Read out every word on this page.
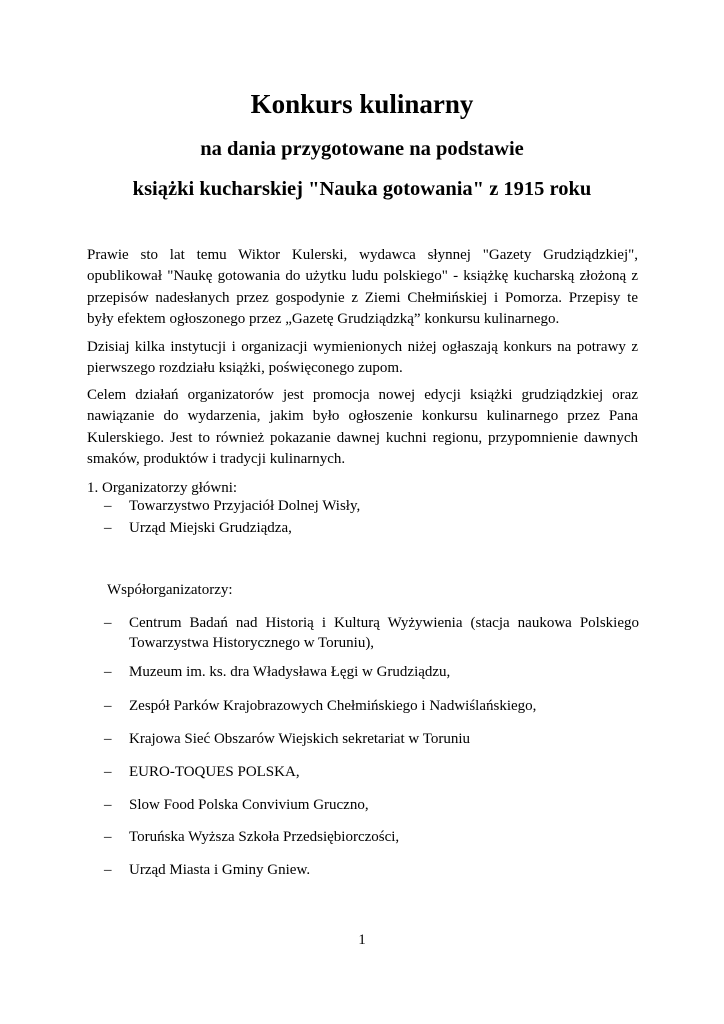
Konkurs kulinarny
na dania przygotowane na podstawie
książki kucharskiej "Nauka gotowania" z 1915 roku

Prawie sto lat temu Wiktor Kulerski, wydawca słynnej "Gazety Grudziądzkiej", opublikował "Naukę gotowania do użytku ludu polskiego" - książkę kucharską złożoną z przepisów nadesłanych przez gospodynie z Ziemi Chełmińskiej i Pomorza. Przepisy te były efektem ogłoszonego przez „Gazetę Grudziądzką” konkursu kulinarnego.

Dzisiaj kilka instytucji i organizacji wymienionych niżej ogłaszają konkurs na potrawy z pierwszego rozdziału książki, poświęconego zupom.

Celem działań organizatorów jest promocja nowej edycji książki grudziądzkiej oraz nawiązanie do wydarzenia, jakim było ogłoszenie konkursu kulinarnego przez Pana Kulerskiego. Jest to również pokazanie dawnej kuchni regionu, przypomnienie dawnych smaków, produktów i tradycji kulinarnych.

1. Organizatorzy główni:
– Towarzystwo Przyjaciół Dolnej Wisły,
– Urząd Miejski Grudziądza,
Współorganizatorzy:
– Centrum Badań nad Historią i Kulturą Wyżywienia (stacja naukowa Polskiego Towarzystwa Historycznego w Toruniu),
– Muzeum im. ks. dra Władysława Łęgi w Grudziądzu,
– Zespół Parków Krajobrazowych Chełmińskiego i Nadwiślańskiego,
– Krajowa Sieć Obszarów Wiejskich sekretariat w Toruniu
– EURO-TOQUES POLSKA,
– Slow Food Polska Convivium Gruczno,
– Toruńska Wyższa Szkoła Przedsiębiorczości,
– Urząd Miasta i Gminy Gniew.
1
